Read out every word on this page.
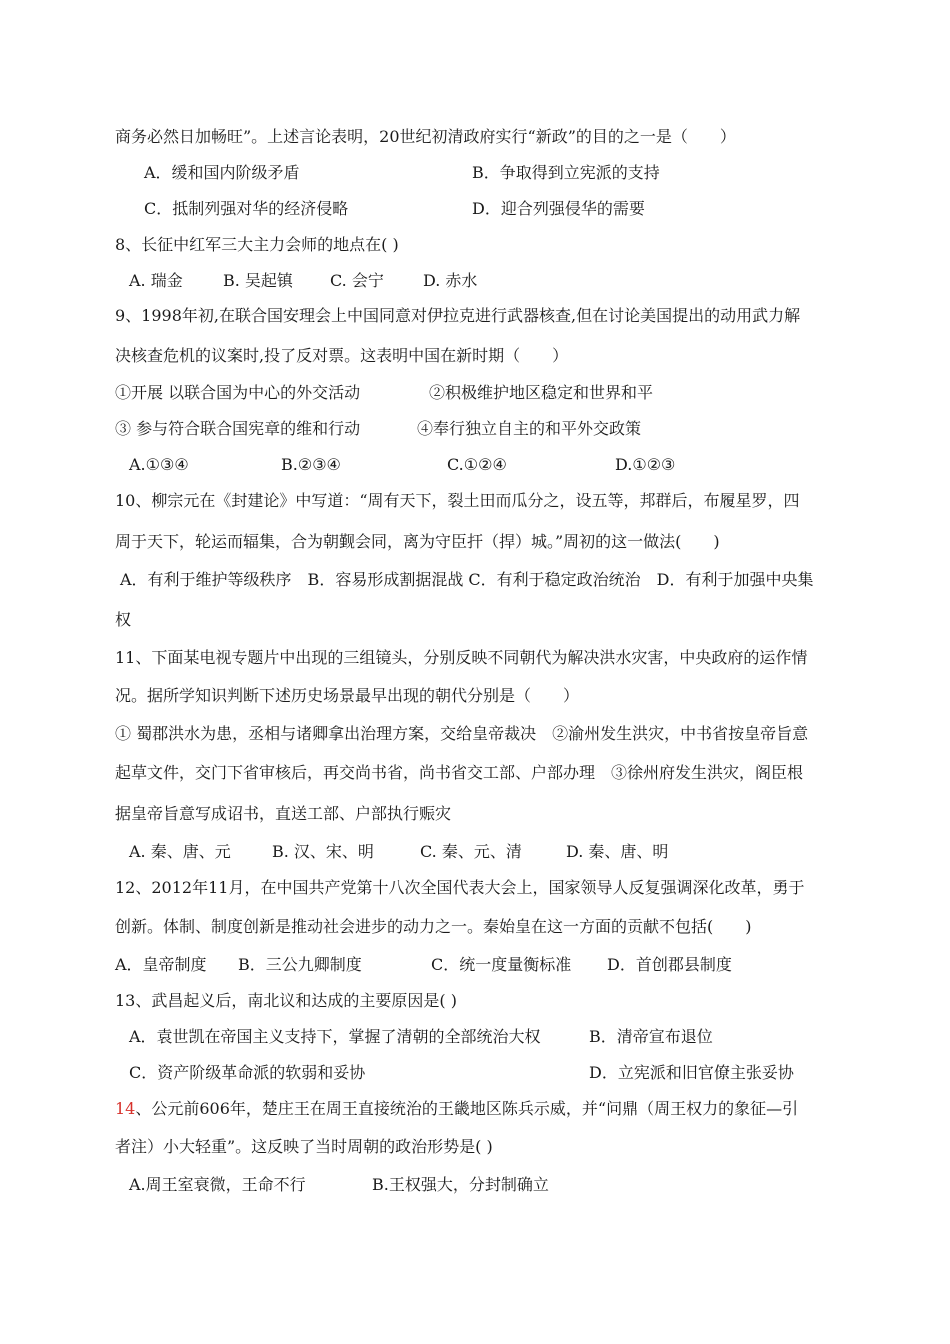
商务必然日加畅旺”。上述言论表明，20世纪初清政府实行“新政”的目的之一是（　　）
A．缓和国内阶级矛盾	B．争取得到立宪派的支持
C．抵制列强对华的经济侵略	D．迎合列强侵华的需要
8、长征中红军三大主力会师的地点在( )
A. 瑞金	B. 吴起镇 C. 会宁 D. 赤水
9、1998年初,在联合国安理会上中国同意对伊拉克进行武器核查,但在讨论美国提出的动用武力解
决核查危机的议案时,投了反对票。这表明中国在新时期（　　）
①开展 以联合国为中心的外交活动	②积极维护地区稳定和世界和平
③ 参与符合联合国宪章的维和行动	④奉行独立自主的和平外交政策
A.①③④	B.②③④	C.①②④	D.①②③
10、柳宗元在《封建论》中写道：“周有天下，裂土田而瓜分之，设五等，邦群后，布履星罗，四
周于天下，轮运而辐集，合为朝觐会同，离为守臣扞（捍）城。”周初的这一做法(　　)
A．有利于维护等级秩序　B．容易形成割据混战 C．有利于稳定政治统治　D．有利于加强中央集
权
11、下面某电视专题片中出现的三组镜头，分别反映不同朝代为解决洪水灾害，中央政府的运作情
况。据所学知识判断下述历史场景最早出现的朝代分别是（　　）
① 蜀郡洪水为患，丞相与诸卿拿出治理方案，交给皇帝裁决　②渝州发生洪灾，中书省按皇帝旨意
起草文件，交门下省审核后，再交尚书省，尚书省交工部、户部办理　③徐州府发生洪灾，阁臣根
据皇帝旨意写成诏书，直送工部、户部执行赈灾
A. 秦、唐、元	B. 汉、宋、明	C. 秦、元、清	D. 秦、唐、明
12、2012年11月，在中国共产党第十八次全国代表大会上，国家领导人反复强调深化改革，勇于
创新。体制、制度创新是推动社会进步的动力之一。秦始皇在这一方面的贡献不包括(　　)
A．皇帝制度 B．三公九卿制度	C．统一度量衡标准 D．首创郡县制度
13、武昌起义后，南北议和达成的主要原因是( )
A．袁世凯在帝国主义支持下，掌握了清朝的全部统治大权	B．清帝宣布退位
C．资产阶级革命派的软弱和妥协	D．立宪派和旧官僚主张妥协
14、公元前606年，楚庄王在周王直接统治的王畿地区陈兵示威，并“问鼎（周王权力的象征—引
者注）小大轻重”。这反映了当时周朝的政治形势是( )
A.周王室衰微，王命不行	B.王权强大，分封制确立
